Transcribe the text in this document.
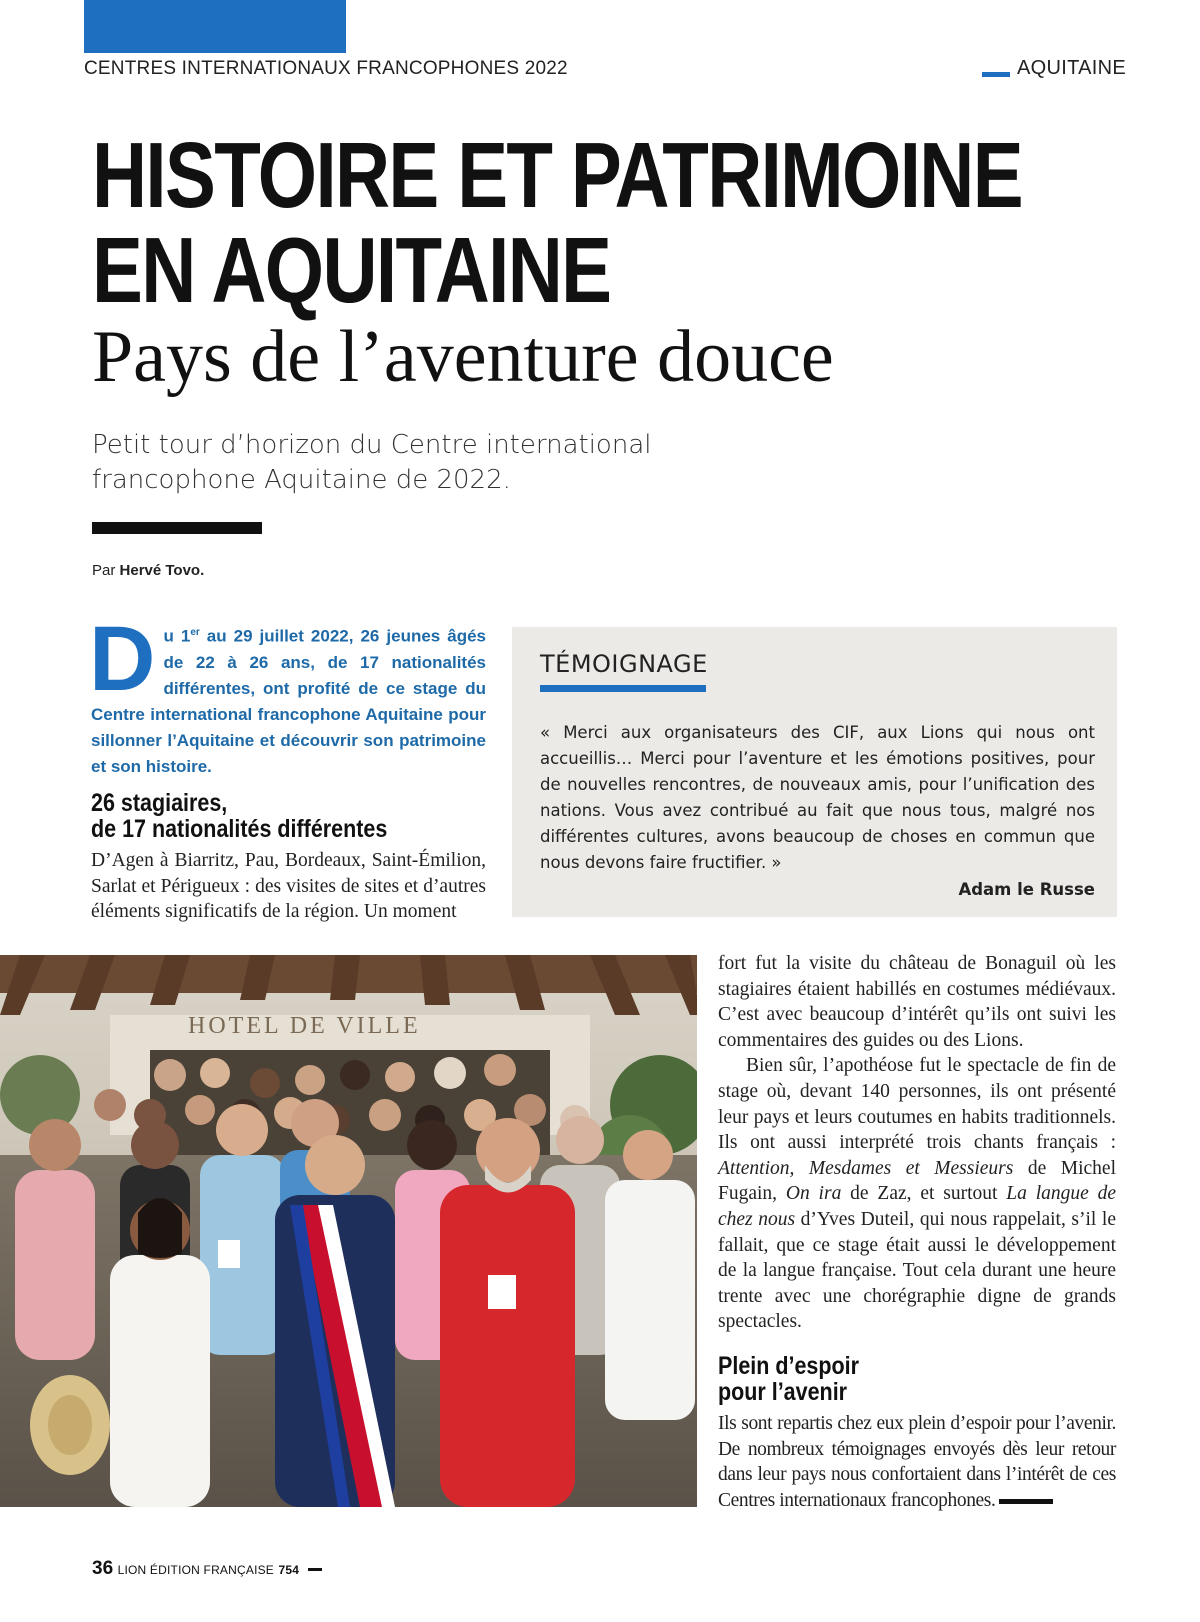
CENTRES INTERNATIONAUX FRANCOPHONES 2022	AQUITAINE
HISTOIRE ET PATRIMOINE
EN AQUITAINE
Pays de l’aventure douce
Petit tour d’horizon du Centre international
francophone Aquitaine de 2022.
Par Hervé Tovo.
Du 1er au 29 juillet 2022, 26 jeunes âgés de 22 à 26 ans, de 17 nationalités différentes, ont profité de ce stage du Centre international francophone Aquitaine pour sillonner l’Aquitaine et découvrir son patrimoine et son histoire.
26 stagiaires,
de 17 nationalités différentes
D’Agen à Biarritz, Pau, Bordeaux, Saint-Émilion, Sarlat et Périgueux : des visites de sites et d’autres éléments significatifs de la région. Un moment
TÉMOIGNAGE
« Merci aux organisateurs des CIF, aux Lions qui nous ont accueillis… Merci pour l’aventure et les émotions positives, pour de nouvelles rencontres, de nouveaux amis, pour l’unification des nations. Vous avez contribué au fait que nous tous, malgré nos différentes cultures, avons beaucoup de choses en commun que nous devons faire fructifier. »
Adam le Russe
HOTEL DE VILLE
fort fut la visite du château de Bonaguil où les stagiaires étaient habillés en costumes médiévaux. C’est avec beaucoup d’intérêt qu’ils ont suivi les commentaires des guides ou des Lions.
Bien sûr, l’apothéose fut le spectacle de fin de stage où, devant 140 personnes, ils ont présenté leur pays et leurs coutumes en habits traditionnels. Ils ont aussi interprété trois chants français : Attention, Mesdames et Messieurs de Michel Fugain, On ira de Zaz, et surtout La langue de chez nous d’Yves Duteil, qui nous rappelait, s’il le fallait, que ce stage était aussi le développement de la langue française. Tout cela durant une heure trente avec une chorégraphie digne de grands spectacles.
Plein d’espoir
pour l’avenir
Ils sont repartis chez eux plein d’espoir pour l’avenir. De nombreux témoignages envoyés dès leur retour dans leur pays nous confortaient dans l’intérêt de ces Centres internationaux francophones.
36 LION ÉDITION FRANÇAISE 754
